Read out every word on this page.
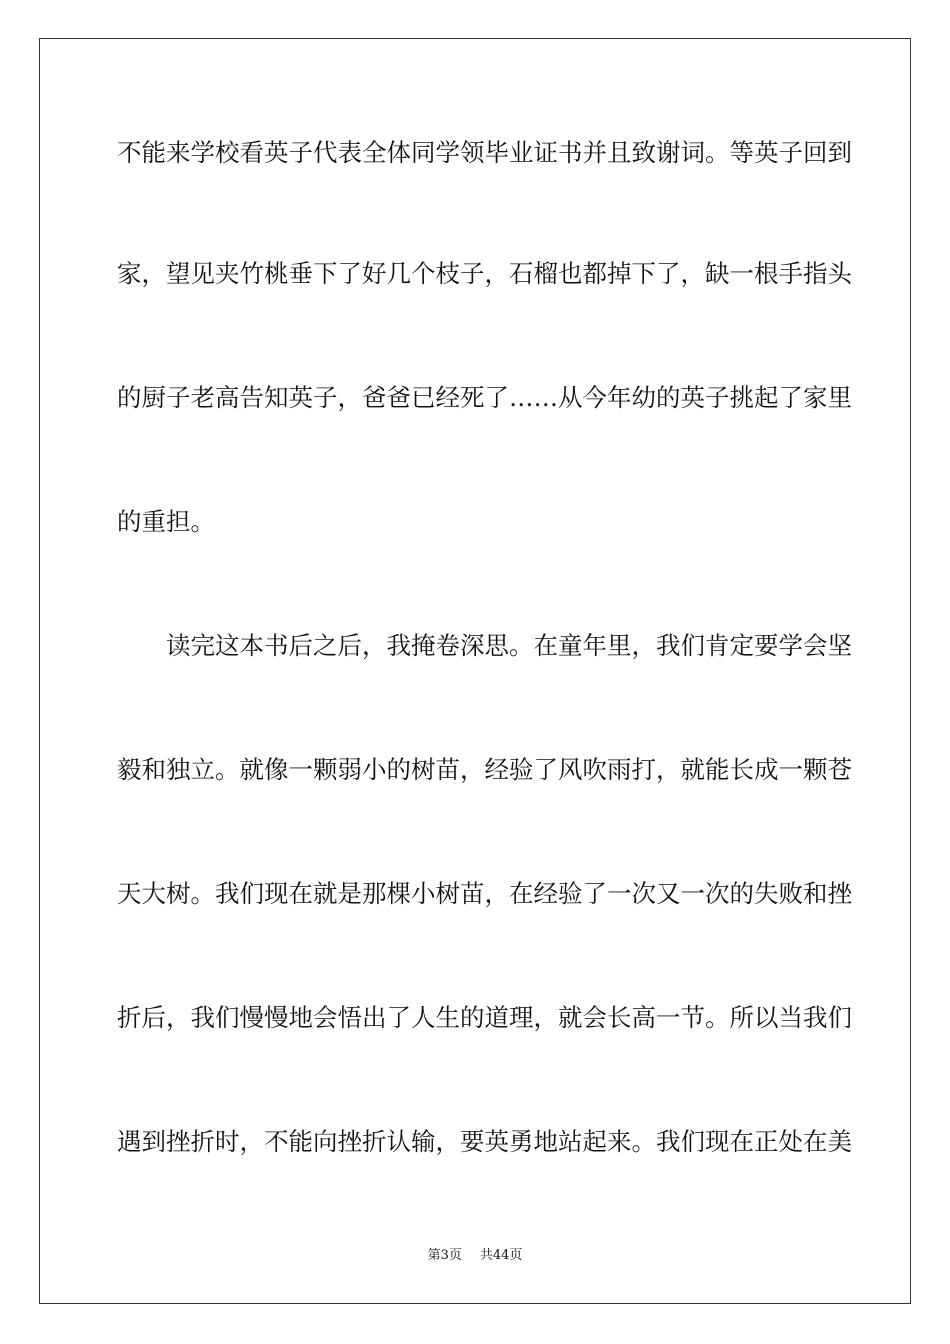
不能来学校看英子代表全体同学领毕业证书并且致谢词。等英子回到
家，望见夹竹桃垂下了好几个枝子，石榴也都掉下了，缺一根手指头
的厨子老高告知英子，爸爸已经死了……从今年幼的英子挑起了家里
的重担。
　　读完这本书后之后，我掩卷深思。在童年里，我们肯定要学会坚
毅和独立。就像一颗弱小的树苗，经验了风吹雨打，就能长成一颗苍
天大树。我们现在就是那棵小树苗，在经验了一次又一次的失败和挫
折后，我们慢慢地会悟出了人生的道理，就会长高一节。所以当我们
遇到挫折时，不能向挫折认输，要英勇地站起来。我们现在正处在美
第3页 共44页
